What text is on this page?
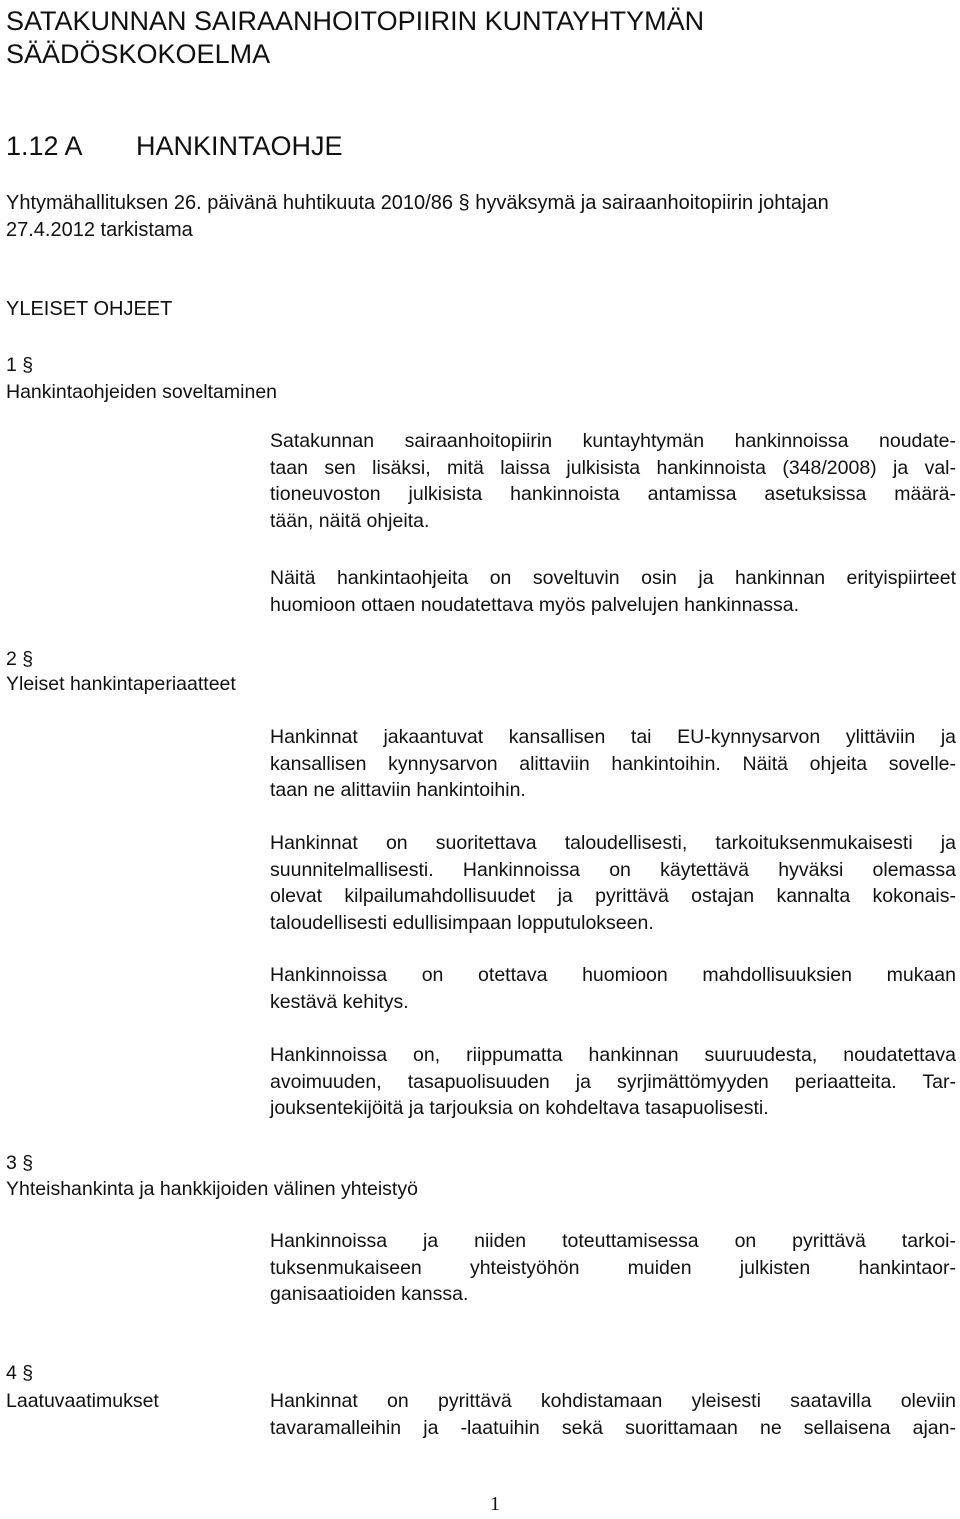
SATAKUNNAN SAIRAANHOITOPIIRIN KUNTAYHTYMÄN
SÄÄDÖSKOKOELMA
1.12 A HANKINTAOHJE
Yhtymähallituksen 26. päivänä huhtikuuta 2010/86 § hyväksymä ja sairaanhoitopiirin johtajan
27.4.2012 tarkistama
YLEISET OHJEET
1 §
Hankintaohjeiden soveltaminen
Satakunnan sairaanhoitopiirin kuntayhtymän hankinnoissa noudate-
taan sen lisäksi, mitä laissa julkisista hankinnoista (348/2008) ja val-
tioneuvoston julkisista hankinnoista antamissa asetuksissa määrä-
tään, näitä ohjeita.
Näitä hankintaohjeita on soveltuvin osin ja hankinnan erityispiirteet
huomioon ottaen noudatettava myös palvelujen hankinnassa.
2 §
Yleiset hankintaperiaatteet
Hankinnat jakaantuvat kansallisen tai EU-kynnysarvon ylittäviin ja
kansallisen kynnysarvon alittaviin hankintoihin. Näitä ohjeita sovelle-
taan ne alittaviin hankintoihin.
Hankinnat on suoritettava taloudellisesti, tarkoituksenmukaisesti ja
suunnitelmallisesti. Hankinnoissa on käytettävä hyväksi olemassa
olevat kilpailumahdollisuudet ja pyrittävä ostajan kannalta kokonais-
taloudellisesti edullisimpaan lopputulokseen.
Hankinnoissa on otettava huomioon mahdollisuuksien mukaan
kestävä kehitys.
Hankinnoissa on, riippumatta hankinnan suuruudesta, noudatettava
avoimuuden, tasapuolisuuden ja syrjimättömyyden periaatteita. Tar-
jouksentekijöitä ja tarjouksia on kohdeltava tasapuolisesti.
3 §
Yhteishankinta ja hankkijoiden välinen yhteistyö
Hankinnoissa ja niiden toteuttamisessa on pyrittävä tarkoi-
tuksenmukaiseen yhteistyöhön muiden julkisten hankintaor-
ganisaatioiden kanssa.
4 §
Laatuvaatimukset	Hankinnat on pyrittävä kohdistamaan yleisesti saatavilla oleviin
tavaramalleihin ja -laatuihin sekä suorittamaan ne sellaisena ajan-
1
